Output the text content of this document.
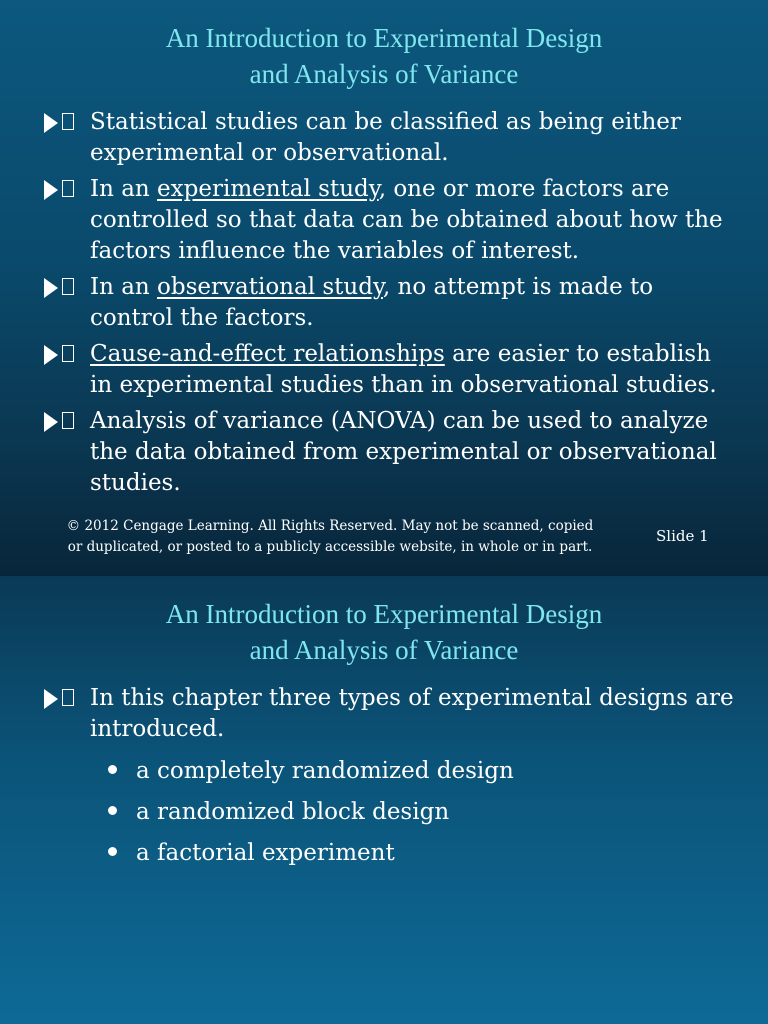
An Introduction to Experimental Design
and Analysis of Variance
Statistical studies can be classified as being either experimental or observational.
In an experimental study, one or more factors are controlled so that data can be obtained about how the factors influence the variables of interest.
In an observational study, no attempt is made to control the factors.
Cause-and-effect relationships are easier to establish in experimental studies than in observational studies.
Analysis of variance (ANOVA) can be used to analyze the data obtained from experimental or observational studies.
© 2012 Cengage Learning. All Rights Reserved. May not be scanned, copied
or duplicated, or posted to a publicly accessible website, in whole or in part.
Slide 1
An Introduction to Experimental Design
and Analysis of Variance
In this chapter three types of experimental designs are introduced.
a completely randomized design
a randomized block design
a factorial experiment
